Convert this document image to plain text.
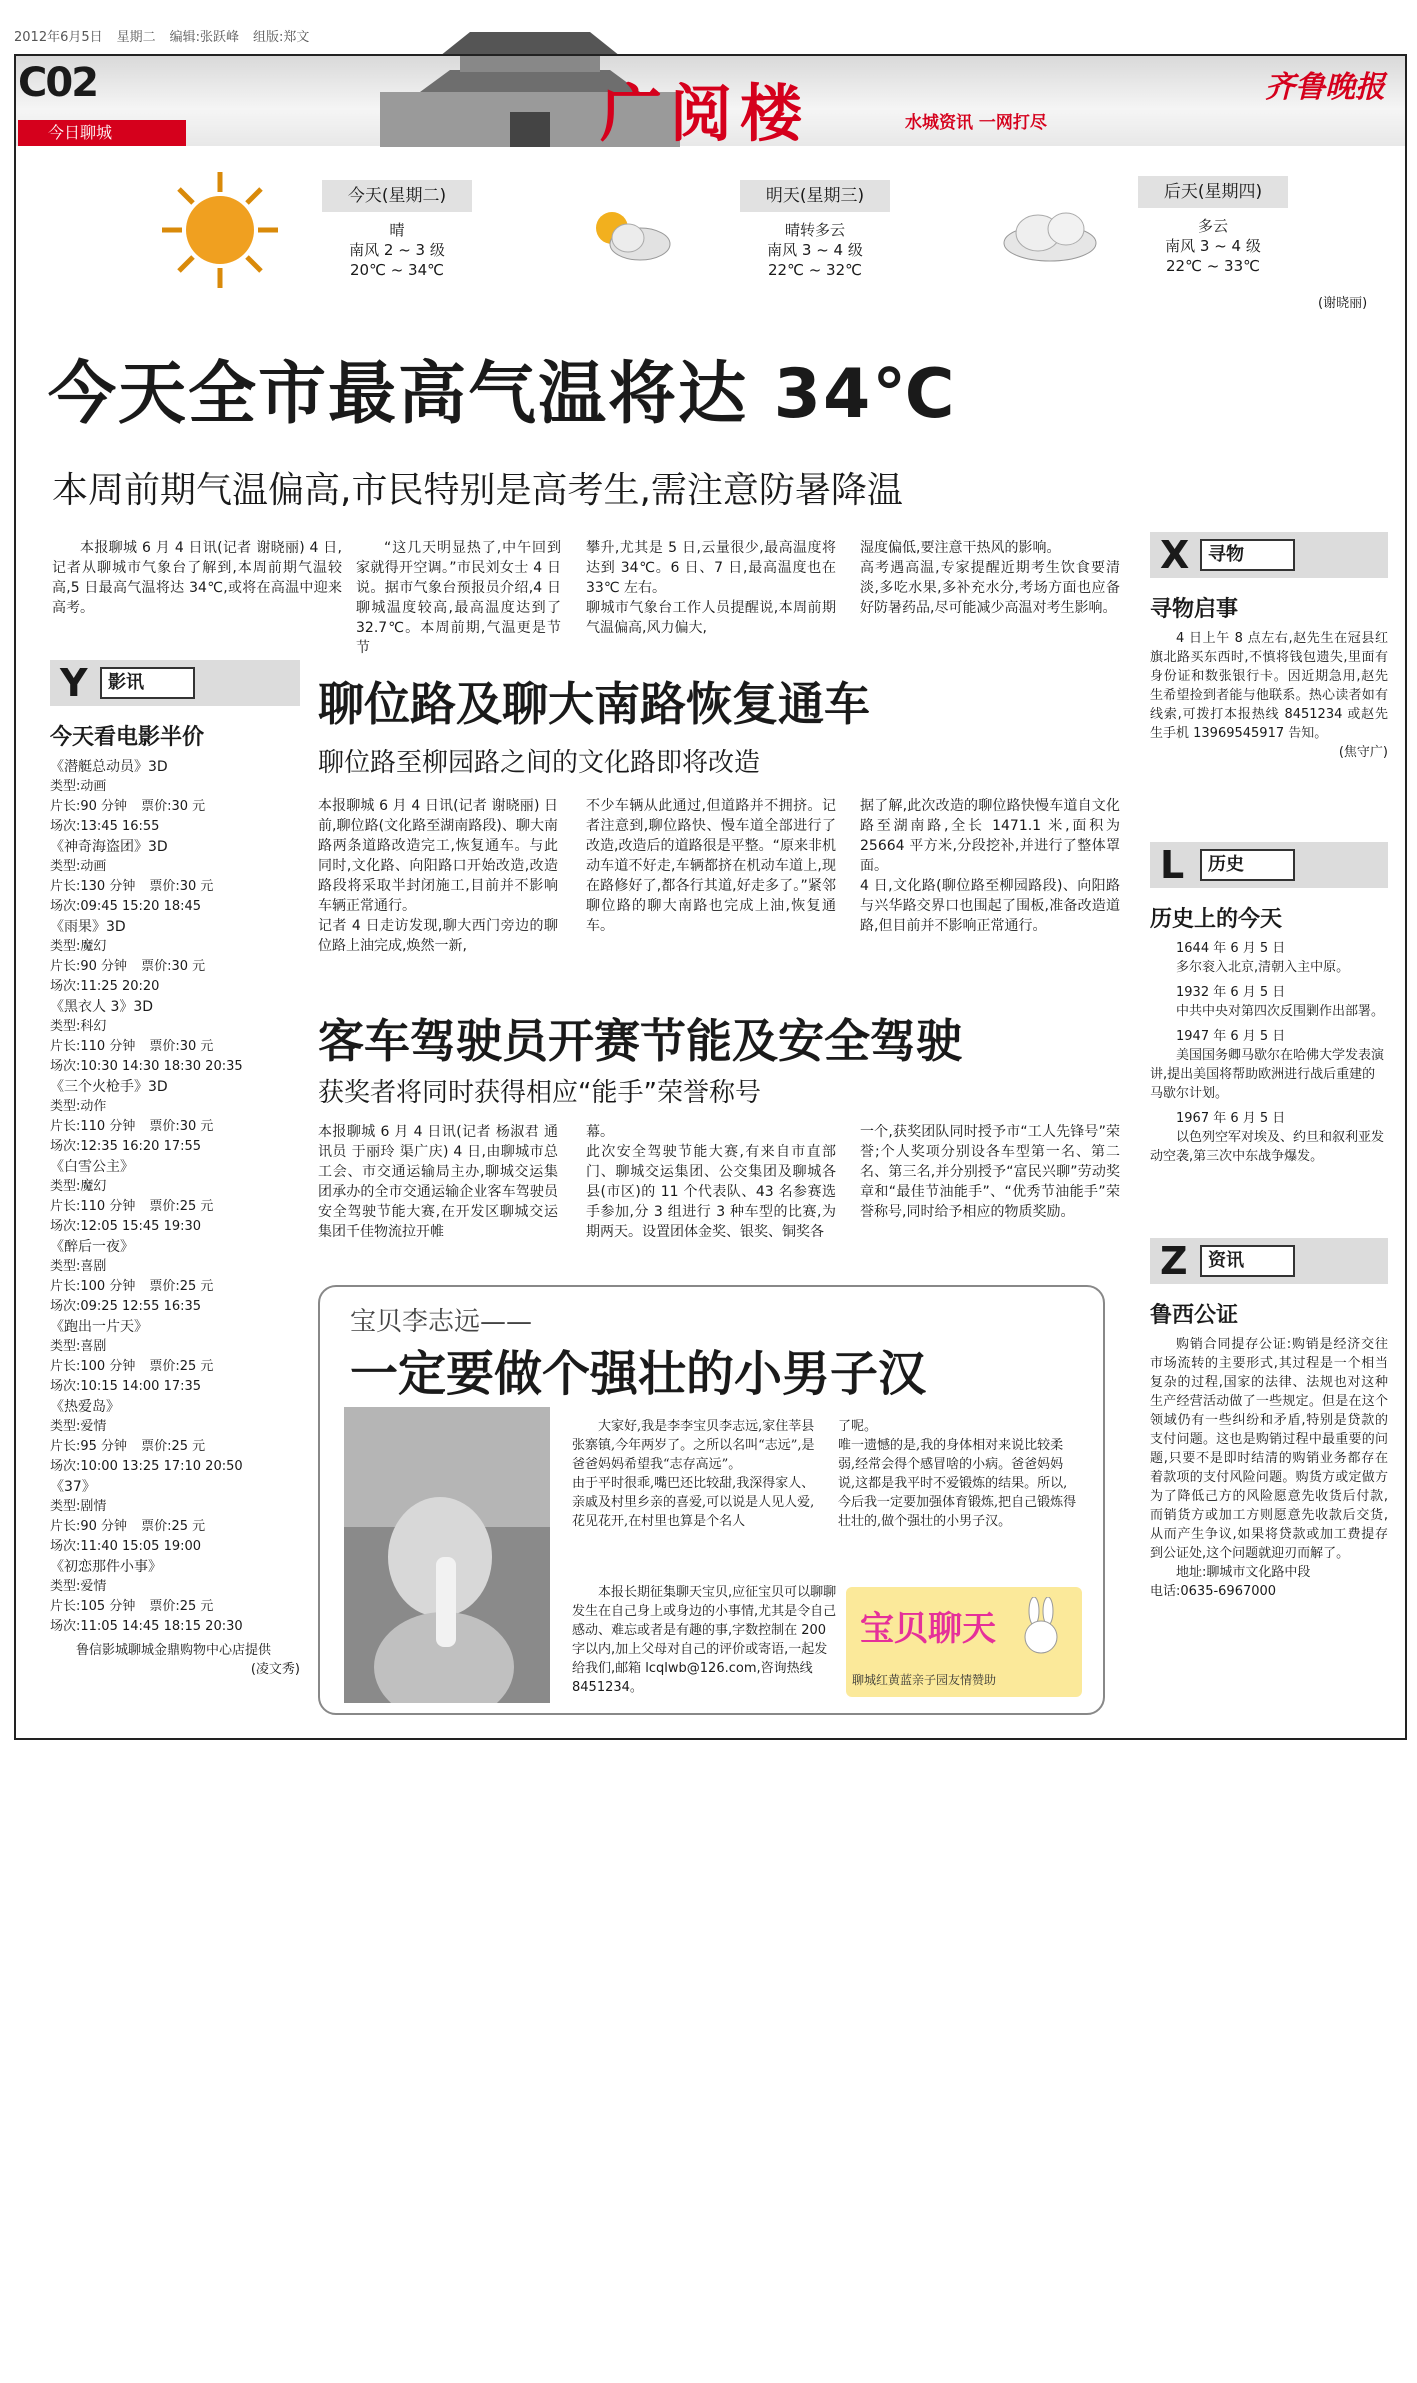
2012年6月5日 星期二 编辑:张跃峰 组版:郑文
C02
今日聊城	广阅楼	水城资讯 一网打尽
齐鲁晚报
今天(星期二)
晴
南风 2 ~ 3 级
20℃ ~ 34℃
明天(星期三)
晴转多云
南风 3 ~ 4 级
22℃ ~ 32℃
后天(星期四)
多云
南风 3 ~ 4 级
22℃ ~ 33℃
(谢晓丽)
今天全市最高气温将达 34℃
本周前期气温偏高,市民特别是高考生,需注意防暑降温
本报聊城 6 月 4 日讯(记者 谢晓丽) 4 日,记者从聊城市气象台了解到,本周前期气温较高,5 日最高气温将达 34℃,或将在高温中迎来高考。
“这几天明显热了,中午回到家就得开空调。”市民刘女士 4 日说。据市气象台预报员介绍,4 日聊城温度较高,最高温度达到了 32.7℃。本周前期,气温更是节节
攀升,尤其是 5 日,云量很少,最高温度将达到 34℃。6 日、7 日,最高温度也在 33℃ 左右。
聊城市气象台工作人员提醒说,本周前期气温偏高,风力偏大,
湿度偏低,要注意干热风的影响。
高考遇高温,专家提醒近期考生饮食要清淡,多吃水果,多补充水分,考场方面也应备好防暑药品,尽可能减少高温对考生影响。
Y	影讯
今天看电影半价
《潜艇总动员》3D
类型:动画
片长:90 分钟 票价:30 元
场次:13:45 16:55
《神奇海盗团》3D
类型:动画
片长:130 分钟 票价:30 元
场次:09:45 15:20 18:45
《雨果》3D
类型:魔幻
片长:90 分钟 票价:30 元
场次:11:25 20:20
《黑衣人 3》3D
类型:科幻
片长:110 分钟 票价:30 元
场次:10:30 14:30 18:30 20:35
《三个火枪手》3D
类型:动作
片长:110 分钟 票价:30 元
场次:12:35 16:20 17:55
《白雪公主》
类型:魔幻
片长:110 分钟 票价:25 元
场次:12:05 15:45 19:30
《醉后一夜》
类型:喜剧
片长:100 分钟 票价:25 元
场次:09:25 12:55 16:35
《跑出一片天》
类型:喜剧
片长:100 分钟 票价:25 元
场次:10:15 14:00 17:35
《热爱岛》
类型:爱情
片长:95 分钟 票价:25 元
场次:10:00 13:25 17:10 20:50
《37》
类型:剧情
片长:90 分钟 票价:25 元
场次:11:40 15:05 19:00
《初恋那件小事》
类型:爱情
片长:105 分钟 票价:25 元
场次:11:05 14:45 18:15 20:30
鲁信影城聊城金鼎购物中心店提供
(凌文秀)
聊位路及聊大南路恢复通车
聊位路至柳园路之间的文化路即将改造
本报聊城 6 月 4 日讯(记者 谢晓丽) 日前,聊位路(文化路至湖南路段)、聊大南路两条道路改造完工,恢复通车。与此同时,文化路、向阳路口开始改造,改造路段将采取半封闭施工,目前并不影响车辆正常通行。
记者 4 日走访发现,聊大西门旁边的聊位路上油完成,焕然一新,
不少车辆从此通过,但道路并不拥挤。记者注意到,聊位路快、慢车道全部进行了改造,改造后的道路很是平整。“原来非机动车道不好走,车辆都挤在机动车道上,现在路修好了,都各行其道,好走多了。”紧邻聊位路的聊大南路也完成上油,恢复通车。
据了解,此次改造的聊位路快慢车道自文化路至湖南路,全长 1471.1 米,面积为 25664 平方米,分段挖补,并进行了整体罩面。
4 日,文化路(聊位路至柳园路段)、向阳路与兴华路交界口也围起了围板,准备改造道路,但目前并不影响正常通行。
客车驾驶员开赛节能及安全驾驶
获奖者将同时获得相应“能手”荣誉称号
本报聊城 6 月 4 日讯(记者 杨淑君 通讯员 于丽玲 渠广庆) 4 日,由聊城市总工会、市交通运输局主办,聊城交运集团承办的全市交通运输企业客车驾驶员安全驾驶节能大赛,在开发区聊城交运集团千佳物流拉开帷
幕。
此次安全驾驶节能大赛,有来自市直部门、聊城交运集团、公交集团及聊城各县(市区)的 11 个代表队、43 名参赛选手参加,分 3 组进行 3 种车型的比赛,为期两天。设置团体金奖、银奖、铜奖各
一个,获奖团队同时授予市“工人先锋号”荣誉;个人奖项分别设各车型第一名、第二名、第三名,并分别授予“富民兴聊”劳动奖章和“最佳节油能手”、“优秀节油能手”荣誉称号,同时给予相应的物质奖励。
宝贝李志远——
一定要做个强壮的小男子汉
大家好,我是李李宝贝李志远,家住莘县张寨镇,今年两岁了。之所以名叫“志远”,是爸爸妈妈希望我“志存高远”。
由于平时很乖,嘴巴还比较甜,我深得家人、亲戚及村里乡亲的喜爱,可以说是人见人爱,花见花开,在村里也算是个名人
了呢。
唯一遗憾的是,我的身体相对来说比较柔弱,经常会得个感冒啥的小病。爸爸妈妈说,这都是我平时不爱锻炼的结果。所以,今后我一定要加强体育锻炼,把自己锻炼得壮壮的,做个强壮的小男子汉。
本报长期征集聊天宝贝,应征宝贝可以聊聊发生在自己身上或身边的小事情,尤其是令自己感动、难忘或者是有趣的事,字数控制在 200 字以内,加上父母对自己的评价或寄语,一起发给我们,邮箱 lcqlwb@126.com,咨询热线 8451234。
宝贝聊天
聊城红黄蓝亲子园友情赞助
X	寻物
寻物启事
4 日上午 8 点左右,赵先生在冠县红旗北路买东西时,不慎将钱包遗失,里面有身份证和数张银行卡。因近期急用,赵先生希望捡到者能与他联系。热心读者如有线索,可拨打本报热线 8451234 或赵先生手机 13969545917 告知。
(焦守广)
L	历史
历史上的今天
1644 年 6 月 5 日
多尔衮入北京,清朝入主中原。
1932 年 6 月 5 日
中共中央对第四次反围剿作出部署。
1947 年 6 月 5 日
美国国务卿马歇尔在哈佛大学发表演讲,提出美国将帮助欧洲进行战后重建的马歇尔计划。
1967 年 6 月 5 日
以色列空军对埃及、约旦和叙利亚发动空袭,第三次中东战争爆发。
Z	资讯
鲁西公证
购销合同提存公证:购销是经济交往市场流转的主要形式,其过程是一个相当复杂的过程,国家的法律、法规也对这种生产经营活动做了一些规定。但是在这个领域仍有一些纠纷和矛盾,特别是贷款的支付问题。这也是购销过程中最重要的问题,只要不是即时结清的购销业务都存在着款项的支付风险问题。购货方或定做方为了降低己方的风险愿意先收货后付款,而销货方或加工方则愿意先收款后交货,从而产生争议,如果将贷款或加工费提存到公证处,这个问题就迎刃而解了。
地址:聊城市文化路中段
电话:0635-6967000
